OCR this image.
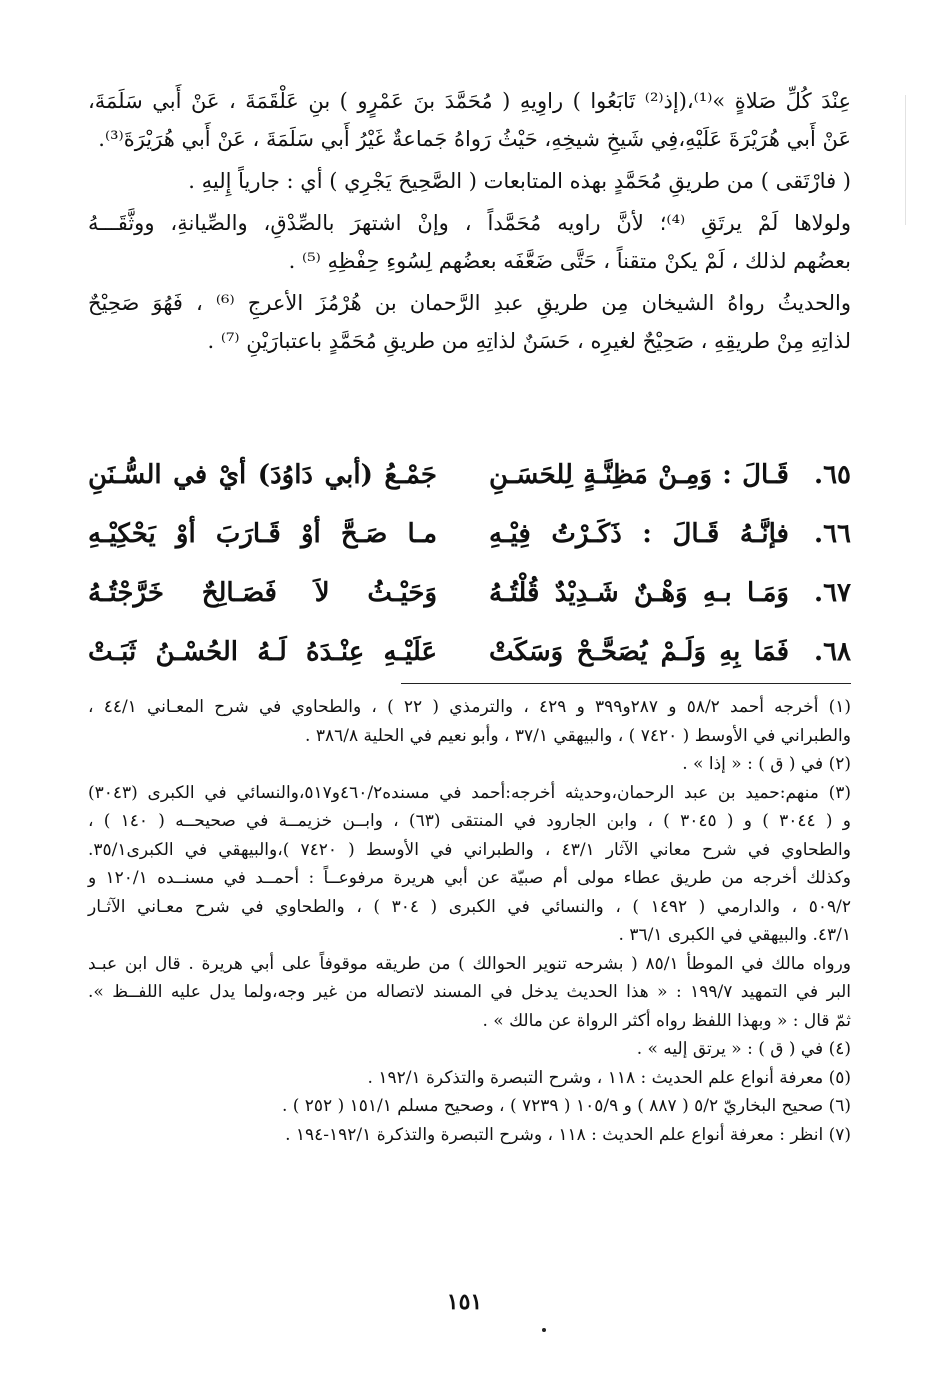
عِنْدَ كُلِّ صَلاةٍ »⁽¹⁾،(إذ⁽²⁾ تَابَعُوا ) راوِيهِ ( مُحَمَّدَ بنَ عَمْرٍو ) بنِ عَلْقَمَةَ ، عَنْ أَبي سَلَمَةَ،
عَنْ أَبي هُرَيْرَةَ عَلَيْهِ،فِي شَيخِ شيخِهِ، حَيْثُ رَواهُ جَماعةٌ غَيْرُ أَبي سَلَمَةَ ، عَنْ أَبي هُرَيْرَةَ⁽³⁾.

( فارْتَقى ) من طريقِ مُحَمَّدٍ بهذه المتابعات ( الصَّحِيحَ يَجْرِي ) أي : جارياً إِليهِ .

ولولاها لَمْ يرتَقِ ⁽⁴⁾؛ لأنَّ راويه مُحَمَّداً ، وإنْ اشتهرَ بالصِّدْقِ، والصِّيانةِ، ووثَّقَـــهُ
بعضُهم لذلك ، لَمْ يكنْ متقناً ، حَتَّى ضَعَّفَه بعضُهم لِسُوءِ حِفْظِهِ ⁽⁵⁾ .

والحديثُ رواهُ الشيخان مِن طريقِ عبدِ الرَّحمان بن هُرْمُزَ الأعرجِ ⁽⁶⁾ ، فَهُوَ صَحِيْحٌ
لذاتِهِ مِنْ طريقِهِ ، صَحِيْحٌ لغيرِه ، حَسَنٌ لذاتِهِ من طريقِ مُحَمَّدٍ باعتبارَيْنِ ⁽⁷⁾ .

٦٥.
قَـالَ : وَمِـنْ مَظِنَّـةٍ لِلحَسَـنِ
جَمْـعُ (أبي دَاوُدَ) أيْ في السُّـنَنِ
٦٦.
فإنَّـهُ قَـالَ : ذَكَـرْتُ فِيْـهِ
مـا صَـحَّ أوْ قَـارَبَ أوْ يَحْكِيْـهِ
٦٧.
وَمَـا بـهِ وَهْـنٌ شَـدِيْدٌ قُلْتُـهُ
وَحَيْـثُ لاَ فَصَـالِحٌ خَرَّجْتُـهُ
٦٨.
فَمَا بِهِ وَلَـمْ يُصَحَّـحْ وَسَكَتْ
عَلَيْـهِ عِنْـدَهُ لَـهُ الحُسْـنُ ثَبَـتْ

(١) أخرجه أحمد ٥٨/٢ و ٢٨٧و٣٩٩ و ٤٢٩ ، والترمذي ( ٢٢ ) ، والطحاوي في شرح المعـاني ٤٤/١ ،
والطبراني في الأوسط ( ٧٤٢٠ ) ، والبيهقي ٣٧/١ ، وأبو نعيم في الحلية ٣٨٦/٨ .

(٢) في ( ق ) : « إذا » .

(٣) منهم:حميد بن عبد الرحمان،وحديثه أخرجه:أحمد في مسنده٤٦٠/٢و٥١٧،والنسائي في الكبرى (٣٠٤٣)
و ( ٣٠٤٤ ) و ( ٣٠٤٥ ) ، وابن الجارود في المنتقى (٦٣) ، وابــن خزيمــة في صحيحــه ( ١٤٠ ) ،
والطحاوي في شرح معاني الآثار ٤٣/١ ، والطبراني في الأوسط ( ٧٤٢٠ )،والبيهقي في الكبرى٣٥/١.
وكذلك أخرجه من طريق عطاء مولى أم صبيّة عن أبي هريرة مرفوعــاً : أحمــد في مسنــده ١٢٠/١ و
٥٠٩/٢ ، والدارمي ( ١٤٩٢ ) ، والنسائي في الكبرى ( ٣٠٤ ) ، والطحاوي في شرح معـاني الآثـار
٤٣/١. والبيهقي في الكبرى ٣٦/١ .

ورواه مالك في الموطأ ٨٥/١ ( بشرحه تنوير الحوالك ) من طريقه موقوفاً على أبي هريرة . قال ابن عبـد
البر في التمهيد ١٩٩/٧ : « هذا الحديث يدخل في المسند لاتصاله من غير وجه،ولما يدل عليه اللفــظ ».
ثمّ قال : « وبهذا اللفظ رواه أكثر الرواة عن مالك » .

(٤) في ( ق ) : « يرتق إليه » .

(٥) معرفة أنواع علم الحديث : ١١٨ ، وشرح التبصرة والتذكرة ١٩٢/١ .

(٦) صحيح البخاريّ ٥/٢ ( ٨٨٧ ) و ١٠٥/٩ ( ٧٢٣٩ ) ، وصحيح مسلم ١٥١/١ ( ٢٥٢ ) .

(٧) انظر : معرفة أنواع علم الحديث : ١١٨ ، وشرح التبصرة والتذكرة ١٩٢/١-١٩٤ .

١٥١
